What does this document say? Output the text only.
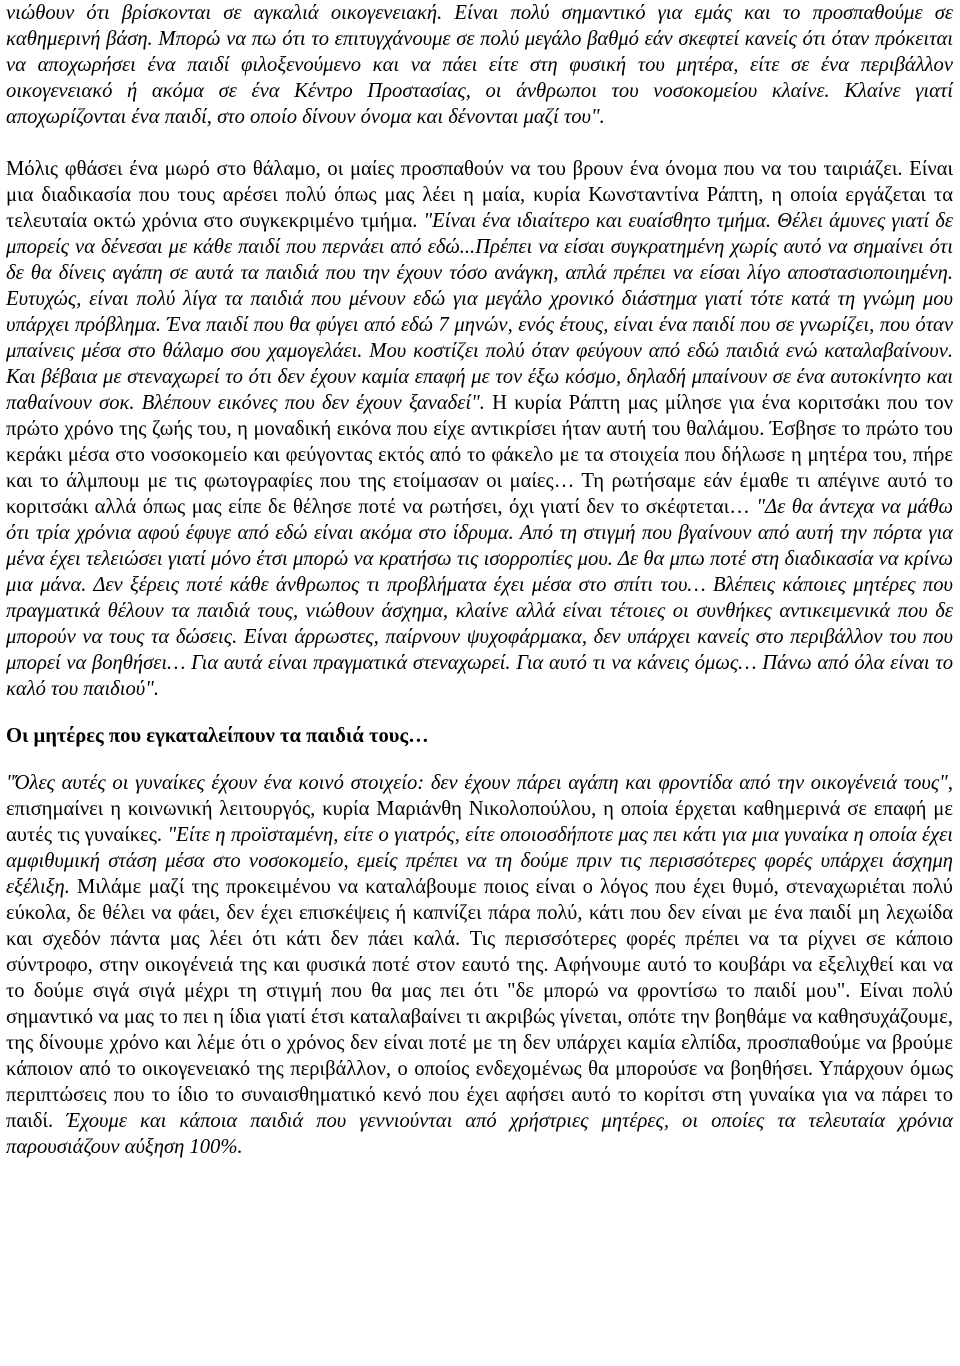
νιώθουν ότι βρίσκονται σε αγκαλιά οικογενειακή. Είναι πολύ σημαντικό για εμάς και το προσπαθούμε σε καθημερινή βάση. Μπορώ να πω ότι το επιτυγχάνουμε σε πολύ μεγάλο βαθμό εάν σκεφτεί κανείς ότι όταν πρόκειται να αποχωρήσει ένα παιδί φιλοξενούμενο και να πάει είτε στη φυσική του μητέρα, είτε σε ένα περιβάλλον οικογενειακό ή ακόμα σε ένα Κέντρο Προστασίας, οι άνθρωποι του νοσοκομείου κλαίνε. Κλαίνε γιατί αποχωρίζονται ένα παιδί, στο οποίο δίνουν όνομα και δένονται μαζί του".

Μόλις φθάσει ένα μωρό στο θάλαμο, οι μαίες προσπαθούν να του βρουν ένα όνομα που να του ταιριάζει. Είναι μια διαδικασία που τους αρέσει πολύ όπως μας λέει η μαία, κυρία Κωνσταντίνα Ράπτη, η οποία εργάζεται τα τελευταία οκτώ χρόνια στο συγκεκριμένο τμήμα. "Είναι ένα ιδιαίτερο και ευαίσθητο τμήμα. Θέλει άμυνες γιατί δε μπορείς να δένεσαι με κάθε παιδί που περνάει από εδώ...Πρέπει να είσαι συγκρατημένη χωρίς αυτό να σημαίνει ότι δε θα δίνεις αγάπη σε αυτά τα παιδιά που την έχουν τόσο ανάγκη, απλά πρέπει να είσαι λίγο αποστασιοποιημένη. Ευτυχώς, είναι πολύ λίγα τα παιδιά που μένουν εδώ για μεγάλο χρονικό διάστημα γιατί τότε κατά τη γνώμη μου υπάρχει πρόβλημα. Ένα παιδί που θα φύγει από εδώ 7 μηνών, ενός έτους, είναι ένα παιδί που σε γνωρίζει, που όταν μπαίνεις μέσα στο θάλαμο σου χαμογελάει. Μου κοστίζει πολύ όταν φεύγουν από εδώ παιδιά ενώ καταλαβαίνουν. Και βέβαια με στεναχωρεί το ότι δεν έχουν καμία επαφή με τον έξω κόσμο, δηλαδή μπαίνουν σε ένα αυτοκίνητο και παθαίνουν σοκ. Βλέπουν εικόνες που δεν έχουν ξαναδεί". Η κυρία Ράπτη μας μίλησε για ένα κοριτσάκι που τον πρώτο χρόνο της ζωής του, η μοναδική εικόνα που είχε αντικρίσει ήταν αυτή του θαλάμου. Έσβησε το πρώτο του κεράκι μέσα στο νοσοκομείο και φεύγοντας εκτός από το φάκελο με τα στοιχεία που δήλωσε η μητέρα του, πήρε και το άλμπουμ με τις φωτογραφίες που της ετοίμασαν οι μαίες… Τη ρωτήσαμε εάν έμαθε τι απέγινε αυτό το κοριτσάκι αλλά όπως μας είπε δε θέλησε ποτέ να ρωτήσει, όχι γιατί δεν το σκέφτεται… "Δε θα άντεχα να μάθω ότι τρία χρόνια αφού έφυγε από εδώ είναι ακόμα στο ίδρυμα. Από τη στιγμή που βγαίνουν από αυτή την πόρτα για μένα έχει τελειώσει γιατί μόνο έτσι μπορώ να κρατήσω τις ισορροπίες μου. Δε θα μπω ποτέ στη διαδικασία να κρίνω μια μάνα. Δεν ξέρεις ποτέ κάθε άνθρωπος τι προβλήματα έχει μέσα στο σπίτι του… Βλέπεις κάποιες μητέρες που πραγματικά θέλουν τα παιδιά τους, νιώθουν άσχημα, κλαίνε αλλά είναι τέτοιες οι συνθήκες αντικειμενικά που δε μπορούν να τους τα δώσεις. Είναι άρρωστες, παίρνουν ψυχοφάρμακα, δεν υπάρχει κανείς στο περιβάλλον του που μπορεί να βοηθήσει… Για αυτά είναι πραγματικά στεναχωρεί. Για αυτό τι να κάνεις όμως… Πάνω από όλα είναι το καλό του παιδιού".

Οι μητέρες που εγκαταλείπουν τα παιδιά τους…

"Όλες αυτές οι γυναίκες έχουν ένα κοινό στοιχείο: δεν έχουν πάρει αγάπη και φροντίδα από την οικογένειά τους", επισημαίνει η κοινωνική λειτουργός, κυρία Μαριάνθη Νικολοπούλου, η οποία έρχεται καθημερινά σε επαφή με αυτές τις γυναίκες. "Είτε η προϊσταμένη, είτε ο γιατρός, είτε οποιοσδήποτε μας πει κάτι για μια γυναίκα η οποία έχει αμφιθυμική στάση μέσα στο νοσοκομείο, εμείς πρέπει να τη δούμε πριν τις περισσότερες φορές υπάρχει άσχημη εξέλιξη. Μιλάμε μαζί της προκειμένου να καταλάβουμε ποιος είναι ο λόγος που έχει θυμό, στεναχωριέται πολύ εύκολα, δε θέλει να φάει, δεν έχει επισκέψεις ή καπνίζει πάρα πολύ, κάτι που δεν είναι με ένα παιδί μη λεχωίδα και σχεδόν πάντα μας λέει ότι κάτι δεν πάει καλά. Τις περισσότερες φορές πρέπει να τα ρίχνει σε κάποιο σύντροφο, στην οικογένειά της και φυσικά ποτέ στον εαυτό της. Αφήνουμε αυτό το κουβάρι να εξελιχθεί και να το δούμε σιγά σιγά μέχρι τη στιγμή που θα μας πει ότι "δε μπορώ να φροντίσω το παιδί μου". Είναι πολύ σημαντικό να μας το πει η ίδια γιατί έτσι καταλαβαίνει τι ακριβώς γίνεται, οπότε την βοηθάμε να καθησυχάζουμε, της δίνουμε χρόνο και λέμε ότι ο χρόνος δεν είναι ποτέ με τη δεν υπάρχει καμία ελπίδα, προσπαθούμε να βρούμε κάποιον από το οικογενειακό της περιβάλλον, ο οποίος ενδεχομένως θα μπορούσε να βοηθήσει. Υπάρχουν όμως περιπτώσεις που το ίδιο το συναισθηματικό κενό που έχει αφήσει αυτό το κορίτσι στη γυναίκα για να πάρει το παιδί. Έχουμε και κάποια παιδιά που γεννιούνται από χρήστριες μητέρες, οι οποίες τα τελευταία χρόνια παρουσιάζουν αύξηση 100%.
